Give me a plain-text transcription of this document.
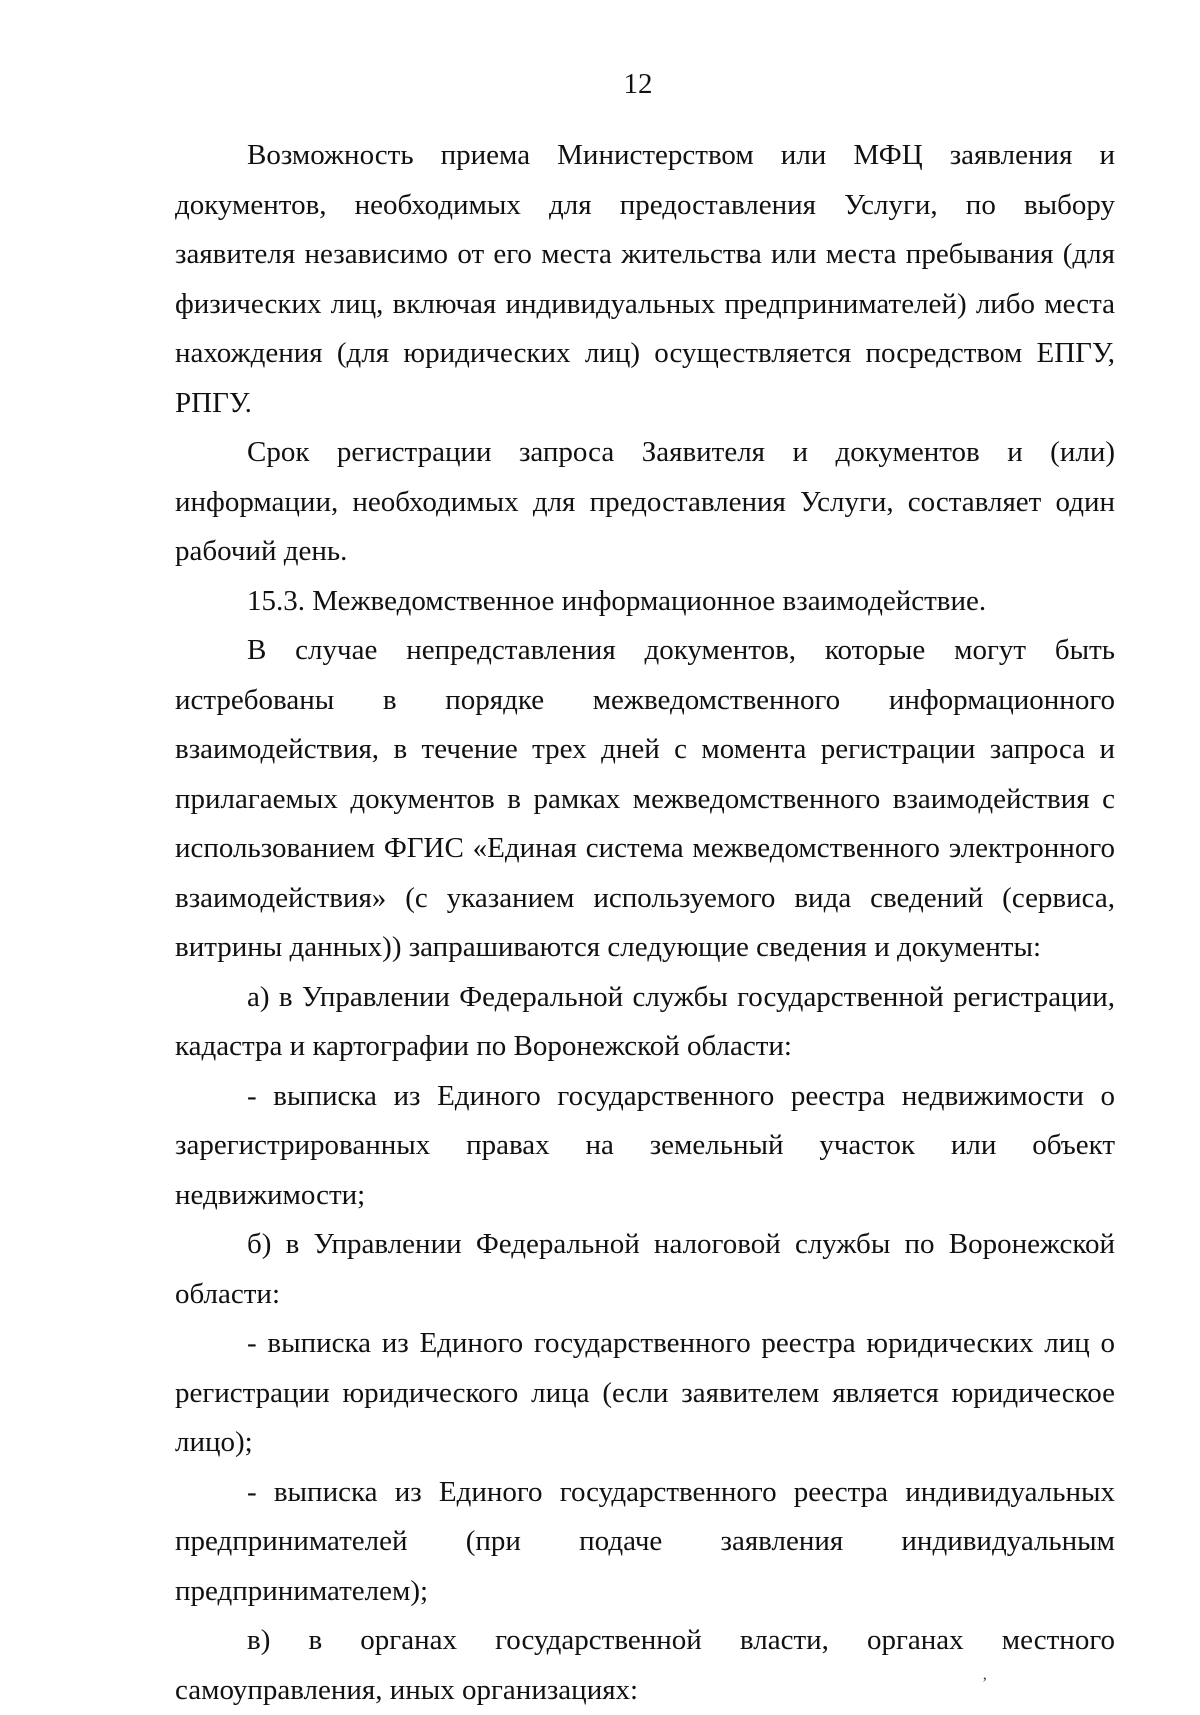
12

Возможность приема Министерством или МФЦ заявления и документов, необходимых для предоставления Услуги, по выбору заявителя независимо от его места жительства или места пребывания (для физических лиц, включая индивидуальных предпринимателей) либо места нахождения (для юридических лиц) осуществляется посредством ЕПГУ, РПГУ.

Срок регистрации запроса Заявителя и документов и (или) информации, необходимых для предоставления Услуги, составляет один рабочий день.

15.3. Межведомственное информационное взаимодействие.

В случае непредставления документов, которые могут быть истребованы в порядке межведомственного информационного взаимодействия, в течение трех дней с момента регистрации запроса и прилагаемых документов в рамках межведомственного взаимодействия с использованием ФГИС «Единая система межведомственного электронного взаимодействия» (с указанием используемого вида сведений (сервиса, витрины данных)) запрашиваются следующие сведения и документы:

а) в Управлении Федеральной службы государственной регистрации, кадастра и картографии по Воронежской области:

- выписка из Единого государственного реестра недвижимости о зарегистрированных правах на земельный участок или объект недвижимости;

б) в Управлении Федеральной налоговой службы по Воронежской области:

- выписка из Единого государственного реестра юридических лиц о регистрации юридического лица (если заявителем является юридическое лицо);

- выписка из Единого государственного реестра индивидуальных предпринимателей (при подаче заявления индивидуальным предпринимателем);

в) в органах государственной власти, органах местного самоуправления, иных организациях:	’
